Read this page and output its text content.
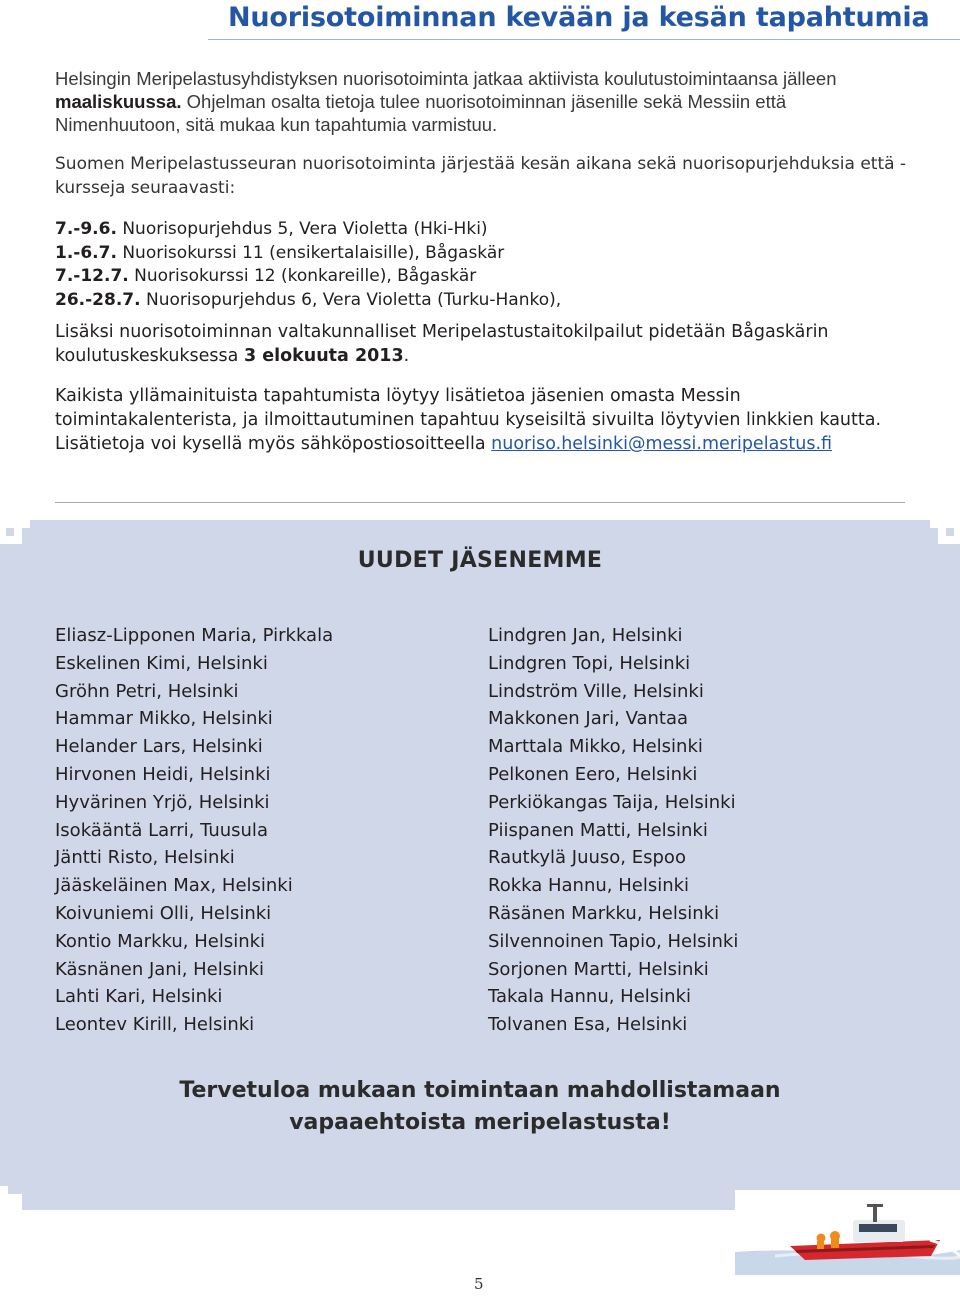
Nuorisotoiminnan kevään ja kesän tapahtumia

Helsingin Meripelastusyhdistyksen nuorisotoiminta jatkaa aktiivista koulutustoimintaansa jälleen
maaliskuussa. Ohjelman osalta tietoja tulee nuorisotoiminnan jäsenille sekä Messiin että Nimenhuutoon, sitä mukaa kun tapahtumia varmistuu.

Suomen Meripelastusseuran nuorisotoiminta järjestää kesän aikana sekä nuorisopurjehduksia että -kursseja seuraavasti:

7.-9.6. Nuorisopurjehdus 5, Vera Violetta (Hki-Hki)
1.-6.7. Nuorisokurssi 11 (ensikertalaisille), Bågaskär
7.-12.7. Nuorisokurssi 12 (konkareille), Bågaskär
26.-28.7. Nuorisopurjehdus 6, Vera Violetta (Turku-Hanko),

Lisäksi nuorisotoiminnan valtakunnalliset Meripelastustaitokilpailut pidetään Bågaskärin koulutuskeskuksessa 3 elokuuta 2013.

Kaikista yllämainituista tapahtumista löytyy lisätietoa jäsenien omasta Messin toimintakalenterista, ja ilmoittautuminen tapahtuu kyseisiltä sivuilta löytyvien linkkien kautta. Lisätietoja voi kysellä myös sähköpostiosoitteella nuoriso.helsinki@messi.meripelastus.fi

UUDET JÄSENEMME
Eliasz-Lipponen Maria, Pirkkala
Eskelinen Kimi, Helsinki
Gröhn Petri, Helsinki
Hammar Mikko, Helsinki
Helander Lars, Helsinki
Hirvonen Heidi, Helsinki
Hyvärinen Yrjö, Helsinki
Isokääntä Larri, Tuusula
Jäntti Risto, Helsinki
Jääskeläinen Max, Helsinki
Koivuniemi Olli, Helsinki
Kontio Markku, Helsinki
Käsnänen Jani, Helsinki
Lahti Kari, Helsinki
Leontev Kirill, Helsinki
Lindgren Jan, Helsinki
Lindgren Topi, Helsinki
Lindström Ville, Helsinki
Makkonen Jari, Vantaa
Marttala Mikko, Helsinki
Pelkonen Eero, Helsinki
Perkiökangas Taija, Helsinki
Piispanen Matti, Helsinki
Rautkylä Juuso, Espoo
Rokka Hannu, Helsinki
Räsänen Markku, Helsinki
Silvennoinen Tapio, Helsinki
Sorjonen Martti, Helsinki
Takala Hannu, Helsinki
Tolvanen Esa, Helsinki
Tervetuloa mukaan toimintaan mahdollistamaan
vapaaehtoista meripelastusta!
5
